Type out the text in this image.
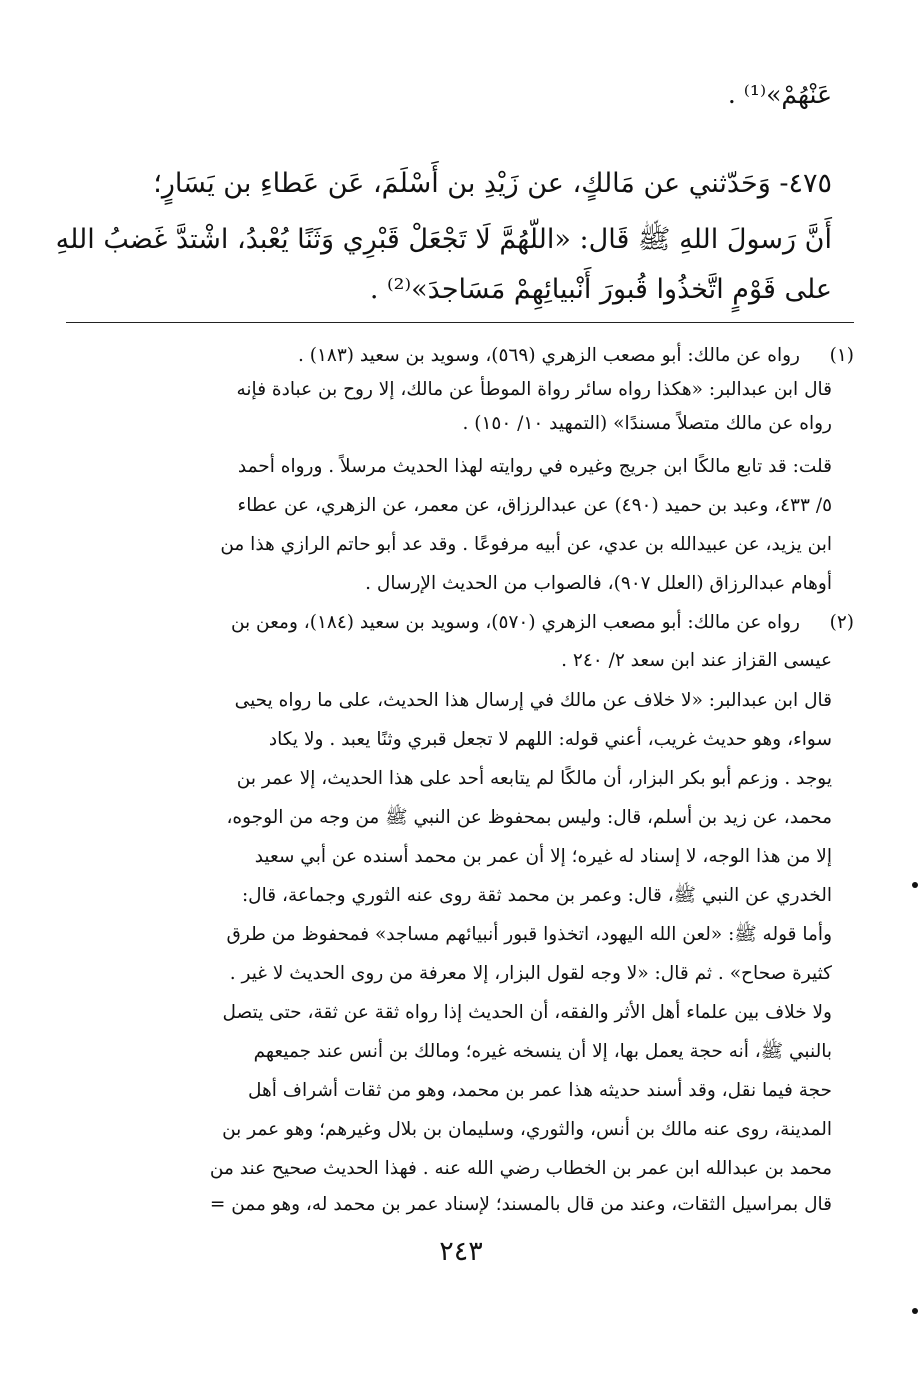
عَنْهُمْ»⁽¹⁾ .
٤٧٥- وَحَدّثني عن مَالكٍ، عن زَيْدِ بن أَسْلَمَ، عَن عَطاءِ بن يَسَارٍ؛
أَنَّ رَسولَ اللهِ ﷺ قَال: «اللّهُمَّ لَا تَجْعَلْ قَبْرِي وَثَنًا يُعْبدُ، اشْتدَّ غَضبُ اللهِ
على قَوْمٍ اتَّخذُوا قُبورَ أَنْبيائِهِمْ مَسَاجدَ»⁽²⁾ .
(١)
رواه عن مالك: أبو مصعب الزهري (٥٦٩)، وسويد بن سعيد (١٨٣) .
قال ابن عبدالبر: «هكذا رواه سائر رواة الموطأ عن مالك، إلا روح بن عبادة فإنه
رواه عن مالك متصلاً مسندًا» (التمهيد ١٠/ ١٥٠) .
قلت: قد تابع مالكًا ابن جريج وغيره في روايته لهذا الحديث مرسلاً . ورواه أحمد
٥/ ٤٣٣، وعبد بن حميد (٤٩٠) عن عبدالرزاق، عن معمر، عن الزهري، عن عطاء
ابن يزيد، عن عبيدالله بن عدي، عن أبيه مرفوعًا . وقد عد أبو حاتم الرازي هذا من
أوهام عبدالرزاق (العلل ٩٠٧)، فالصواب من الحديث الإرسال .
(٢)
رواه عن مالك: أبو مصعب الزهري (٥٧٠)، وسويد بن سعيد (١٨٤)، ومعن بن
عيسى القزاز عند ابن سعد ٢/ ٢٤٠ .
قال ابن عبدالبر: «لا خلاف عن مالك في إرسال هذا الحديث، على ما رواه يحيى
سواء، وهو حديث غريب، أعني قوله: اللهم لا تجعل قبري وثنًا يعبد . ولا يكاد
يوجد . وزعم أبو بكر البزار، أن مالكًا لم يتابعه أحد على هذا الحديث، إلا عمر بن
محمد، عن زيد بن أسلم، قال: وليس بمحفوظ عن النبي ﷺ من وجه من الوجوه،
إلا من هذا الوجه، لا إسناد له غيره؛ إلا أن عمر بن محمد أسنده عن أبي سعيد
الخدري عن النبي ﷺ، قال: وعمر بن محمد ثقة روى عنه الثوري وجماعة، قال:
وأما قوله ﷺ: «لعن الله اليهود، اتخذوا قبور أنبيائهم مساجد» فمحفوظ من طرق
كثيرة صحاح» . ثم قال: «لا وجه لقول البزار، إلا معرفة من روى الحديث لا غير .
ولا خلاف بين علماء أهل الأثر والفقه، أن الحديث إذا رواه ثقة عن ثقة، حتى يتصل
بالنبي ﷺ، أنه حجة يعمل بها، إلا أن ينسخه غيره؛ ومالك بن أنس عند جميعهم
حجة فيما نقل، وقد أسند حديثه هذا عمر بن محمد، وهو من ثقات أشراف أهل
المدينة، روى عنه مالك بن أنس، والثوري، وسليمان بن بلال وغيرهم؛ وهو عمر بن
محمد بن عبدالله ابن عمر بن الخطاب رضي الله عنه . فهذا الحديث صحيح عند من
قال بمراسيل الثقات، وعند من قال بالمسند؛ لإسناد عمر بن محمد له، وهو ممن =
٢٤٣
